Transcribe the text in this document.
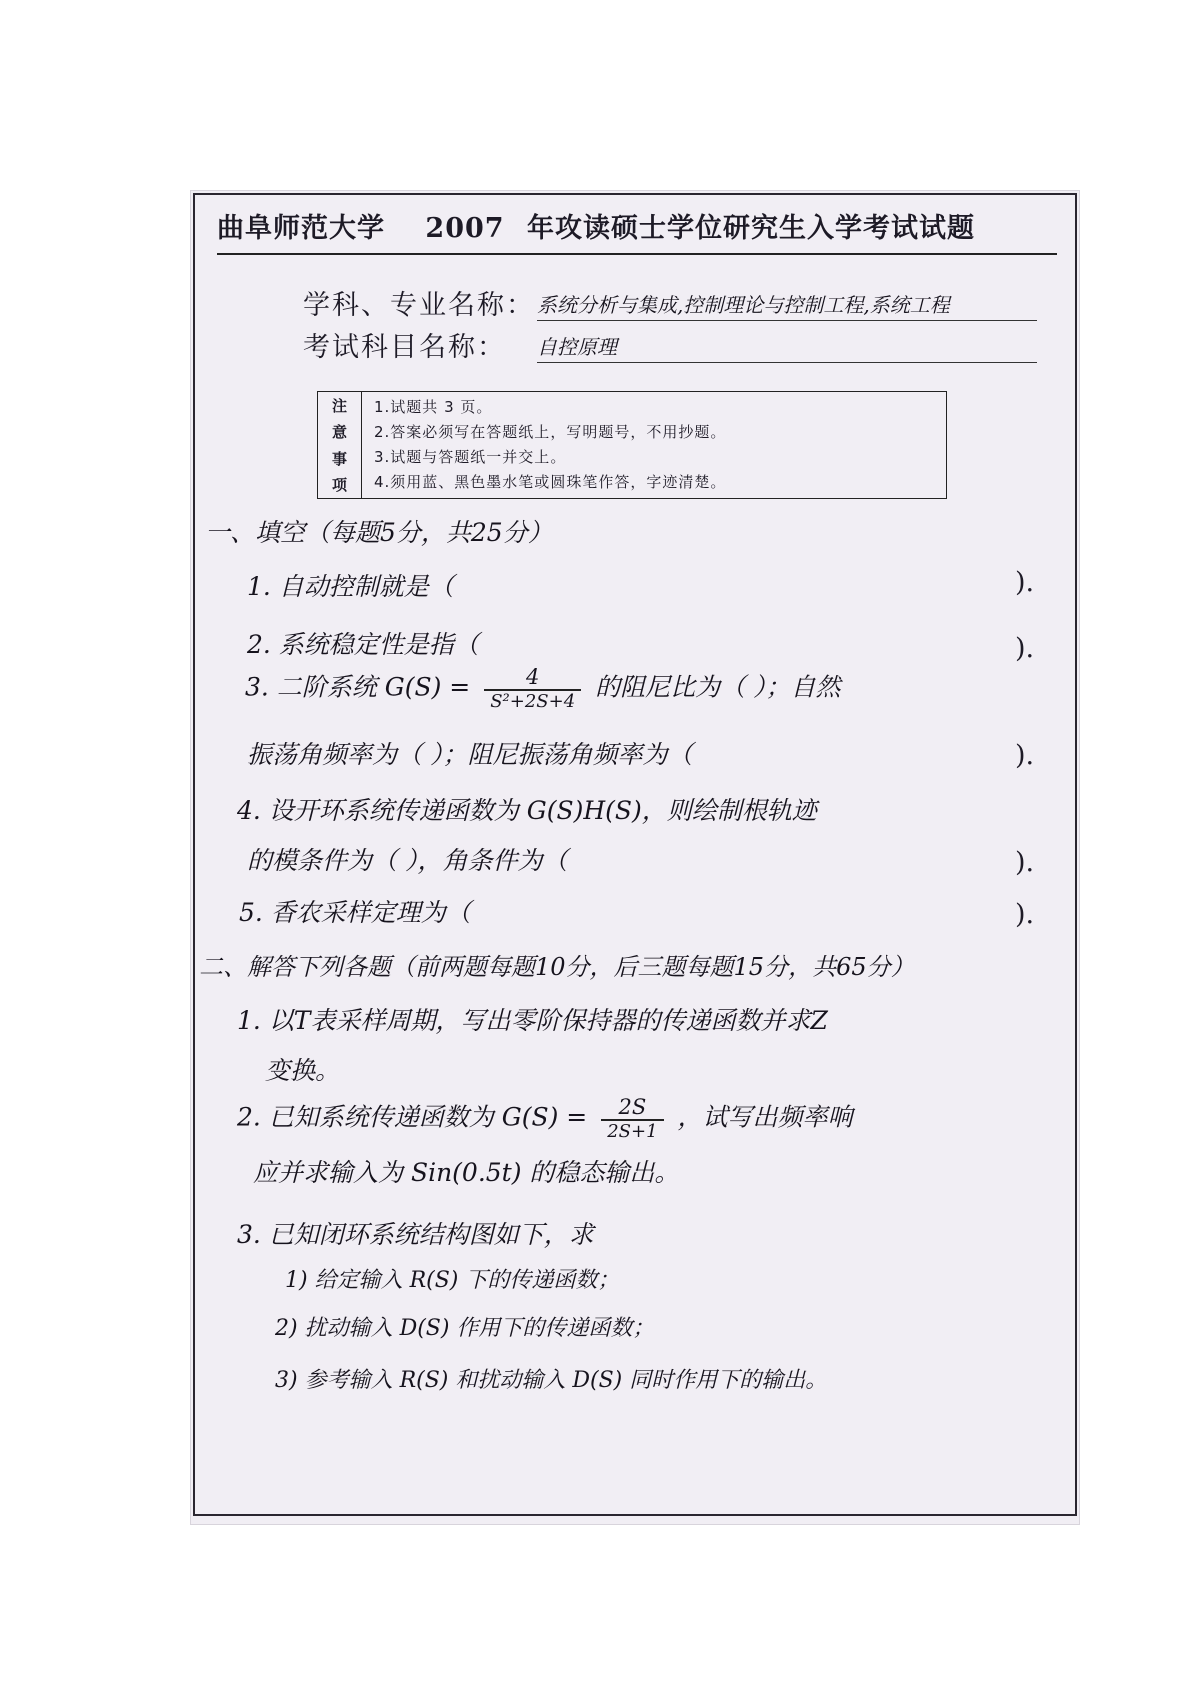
曲阜师范大学 2007 年攻读硕士学位研究生入学考试试题
学科、专业名称： 系统分析与集成,控制理论与控制工程,系统工程
考试科目名称： 自控原理
注
意
事
项
1.试题共 3 页。
2.答案必须写在答题纸上，写明题号，不用抄题。
3.试题与答题纸一并交上。
4.须用蓝、黑色墨水笔或圆珠笔作答，字迹清楚。
一、填空（每题5分，共25分）
1. 自动控制就是（	).
2. 系统稳定性是指（	).
3. 二阶系统 $G(S) = \frac{4}{\text{S²+2S+4}}$ 的阻尼比为（ ）；自然
振荡角频率为（ ）；阻尼振荡角频率为（	).
4. 设开环系统传递函数为 G(S)H(S)，则绘制根轨迹
的模条件为（ ），角条件为（	).
5. 香农采样定理为（	).
二、解答下列各题（前两题每题10分，后三题每题15分，共65分）
1. 以T表采样周期，写出零阶保持器的传递函数并求Z
变换。
2. 已知系统传递函数为 $G(S) = \frac{2S}{2S+1}$ ，试写出频率响
应并求输入为 Sin(0.5t) 的稳态输出。
3. 已知闭环系统结构图如下，求
1) 给定输入 R(S) 下的传递函数；
2) 扰动输入 D(S) 作用下的传递函数；
3) 参考输入 R(S) 和扰动输入 D(S) 同时作用下的输出。
